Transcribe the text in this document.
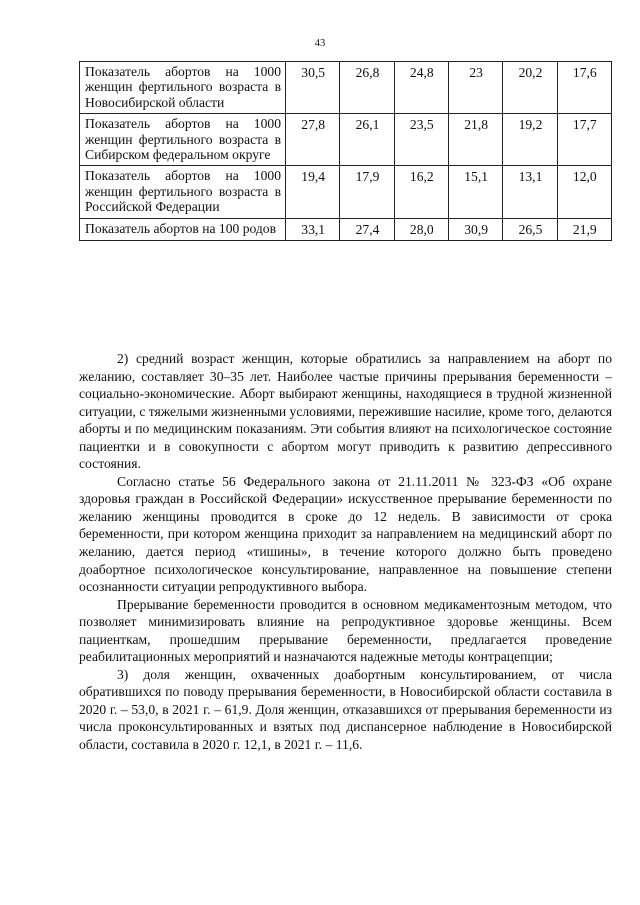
43
Показатель абортов на 1000 женщин фертильного возраста в Новосибирской области	30,5	26,8	24,8	23	20,2	17,6
Показатель абортов на 1000 женщин фертильного возраста в Сибирском федеральном округе	27,8	26,1	23,5	21,8	19,2	17,7
Показатель абортов на 1000 женщин фертильного возраста в Российской Федерации	19,4	17,9	16,2	15,1	13,1	12,0
Показатель абортов на 100 родов	33,1	27,4	28,0	30,9	26,5	21,9

2) средний возраст женщин, которые обратились за направлением на аборт по желанию, составляет 30–35 лет. Наиболее частые причины прерывания беременности – социально-экономические. Аборт выбирают женщины, находящиеся в трудной жизненной ситуации, с тяжелыми жизненными условиями, пережившие насилие, кроме того, делаются аборты и по медицинским показаниям. Эти события влияют на психологическое состояние пациентки и в совокупности с абортом могут приводить к развитию депрессивного состояния.

Согласно статье 56 Федерального закона от 21.11.2011 № 323-ФЗ «Об охране здоровья граждан в Российской Федерации» искусственное прерывание беременности по желанию женщины проводится в сроке до 12 недель. В зависимости от срока беременности, при котором женщина приходит за направлением на медицинский аборт по желанию, дается период «тишины», в течение которого должно быть проведено доабортное психологическое консультирование, направленное на повышение степени осознанности ситуации репродуктивного выбора.

Прерывание беременности проводится в основном медикаментозным методом, что позволяет минимизировать влияние на репродуктивное здоровье женщины. Всем пациенткам, прошедшим прерывание беременности, предлагается проведение реабилитационных мероприятий и назначаются надежные методы контрацепции;

3) доля женщин, охваченных доабортным консультированием, от числа обратившихся по поводу прерывания беременности, в Новосибирской области составила в 2020 г. – 53,0, в 2021 г. – 61,9. Доля женщин, отказавшихся от прерывания беременности из числа проконсультированных и взятых под диспансерное наблюдение в Новосибирской области, составила в 2020 г. 12,1, в 2021 г. – 11,6.
